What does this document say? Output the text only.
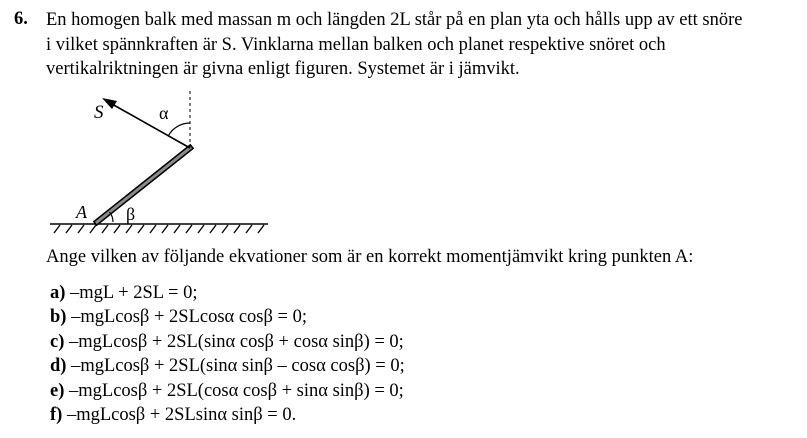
6. En homogen balk med massan m och längden 2L står på en plan yta och hålls upp av ett snöre
i vilket spännkraften är S. Vinklarna mellan balken och planet respektive snöret och
vertikalriktningen är givna enligt figuren. Systemet är i jämvikt.
S	α
A β
Ange vilken av följande ekvationer som är en korrekt momentjämvikt kring punkten A:
a) –mgL + 2SL = 0;
b) –mgLcosβ + 2SLcosα cosβ = 0;
c) –mgLcosβ + 2SL(sinα cosβ + cosα sinβ) = 0;
d) –mgLcosβ + 2SL(sinα sinβ – cosα cosβ) = 0;
e) –mgLcosβ + 2SL(cosα cosβ + sinα sinβ) = 0;
f) –mgLcosβ + 2SLsinα sinβ = 0.
